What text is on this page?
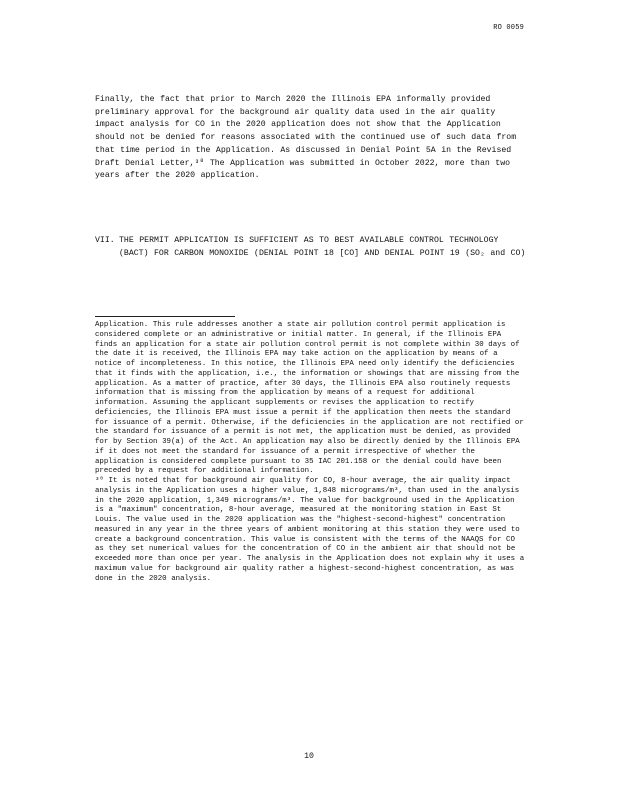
RO 0059

Finally, the fact that prior to March 2020 the Illinois EPA informally provided preliminary approval for the background air quality data used in the air quality impact analysis for CO in the 2020 application does not show that the Application should not be denied for reasons associated with the continued use of such data from that time period in the Application. As discussed in Denial Point 5A in the Revised Draft Denial Letter,³⁰ The Application was submitted in October 2022, more than two years after the 2020 application.

VII. THE PERMIT APPLICATION IS SUFFICIENT AS TO BEST AVAILABLE CONTROL TECHNOLOGY (BACT) FOR CARBON MONOXIDE (DENIAL POINT 18 [CO] AND DENIAL POINT 19 (SO₂ and CO)

Application. This rule addresses another a state air pollution control permit application is considered complete or an administrative or initial matter. In general, if the Illinois EPA finds an application for a state air pollution control permit is not complete within 30 days of the date it is received, the Illinois EPA may take action on the application by means of a notice of incompleteness. In this notice, the Illinois EPA need only identify the deficiencies that it finds with the application, i.e., the information or showings that are missing from the application. As a matter of practice, after 30 days, the Illinois EPA also routinely requests information that is missing from the application by means of a request for additional information. Assuming the applicant supplements or revises the application to rectify deficiencies, the Illinois EPA must issue a permit if the application then meets the standard for issuance of a permit. Otherwise, if the deficiencies in the application are not rectified or the standard for issuance of a permit is not met, the application must be denied, as provided for by Section 39(a) of the Act. An application may also be directly denied by the Illinois EPA if it does not meet the standard for issuance of a permit irrespective of whether the application is considered complete pursuant to 35 IAC 201.158 or the denial could have been preceded by a request for additional information.

³⁰ It is noted that for background air quality for CO, 8-hour average, the air quality impact analysis in the Application uses a higher value, 1,848 micrograms/m³, than used in the analysis in the 2020 application, 1,349 micrograms/m³. The value for background used in the Application is a "maximum" concentration, 8-hour average, measured at the monitoring station in East St Louis. The value used in the 2020 application was the "highest-second-highest" concentration measured in any year in the three years of ambient monitoring at this station they were used to create a background concentration. This value is consistent with the terms of the NAAQS for CO as they set numerical values for the concentration of CO in the ambient air that should not be exceeded more than once per year. The analysis in the Application does not explain why it uses a maximum value for background air quality rather a highest-second-highest concentration, as was done in the 2020 analysis.

10
